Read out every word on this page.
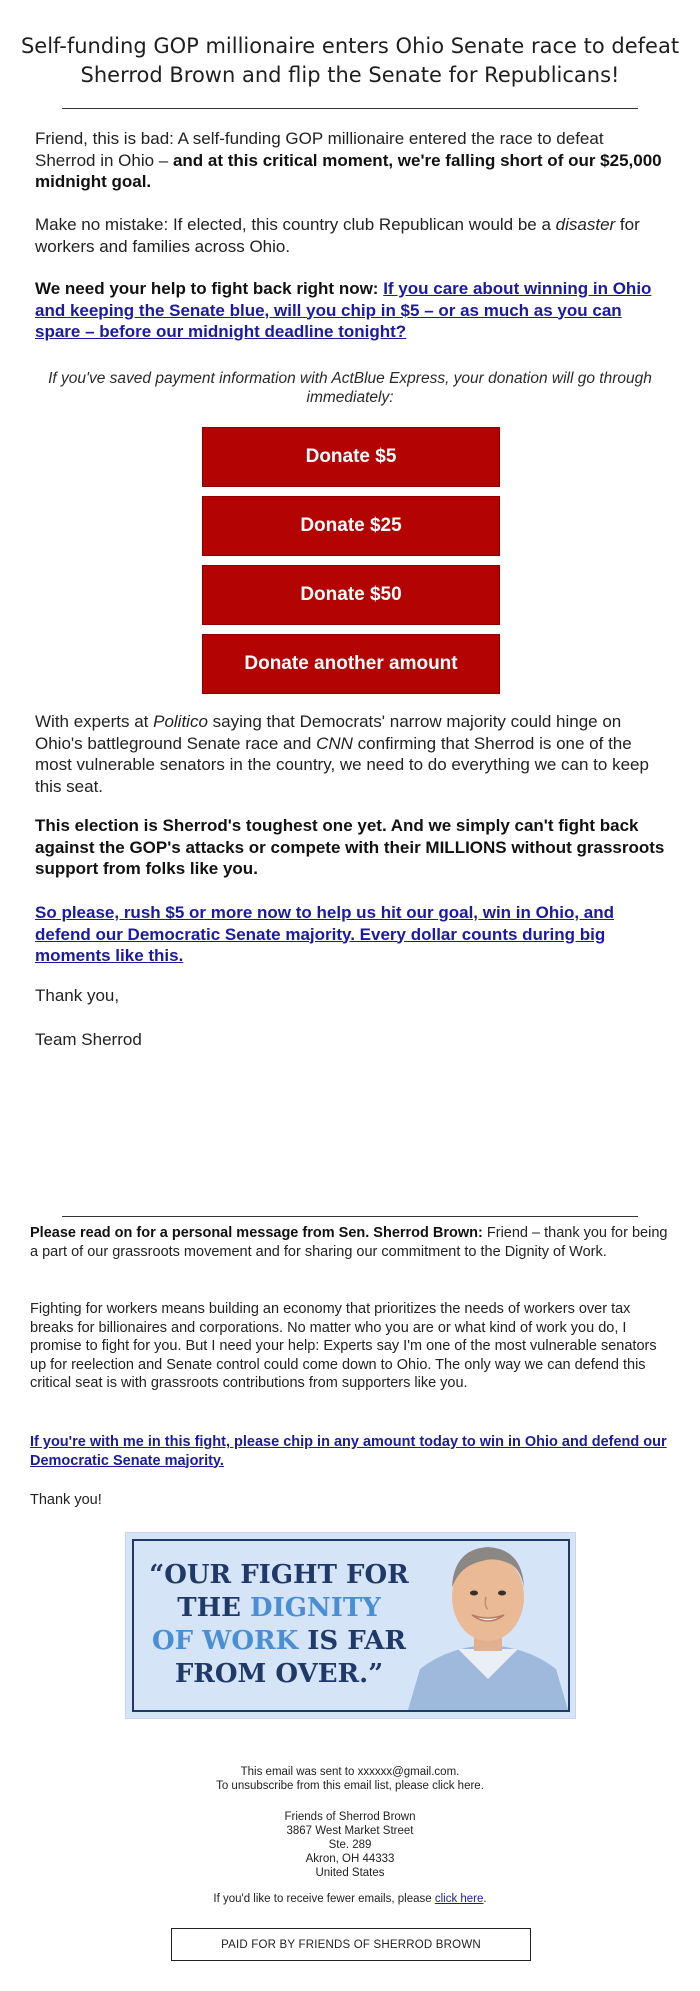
Self-funding GOP millionaire enters Ohio Senate race to defeat Sherrod Brown and flip the Senate for Republicans!

Friend, this is bad: A self-funding GOP millionaire entered the race to defeat Sherrod in Ohio – and at this critical moment, we're falling short of our $25,000 midnight goal.

Make no mistake: If elected, this country club Republican would be a disaster for workers and families across Ohio.

We need your help to fight back right now: If you care about winning in Ohio and keeping the Senate blue, will you chip in $5 – or as much as you can spare – before our midnight deadline tonight?

If you've saved payment information with ActBlue Express, your donation will go through immediately:

Donate $5
Donate $25
Donate $50
Donate another amount

With experts at Politico saying that Democrats' narrow majority could hinge on Ohio's battleground Senate race and CNN confirming that Sherrod is one of the most vulnerable senators in the country, we need to do everything we can to keep this seat.

This election is Sherrod's toughest one yet. And we simply can't fight back against the GOP's attacks or compete with their MILLIONS without grassroots support from folks like you.

So please, rush $5 or more now to help us hit our goal, win in Ohio, and defend our Democratic Senate majority. Every dollar counts during big moments like this.

Thank you,

Team Sherrod

Please read on for a personal message from Sen. Sherrod Brown: Friend – thank you for being a part of our grassroots movement and for sharing our commitment to the Dignity of Work.

Fighting for workers means building an economy that prioritizes the needs of workers over tax breaks for billionaires and corporations. No matter who you are or what kind of work you do, I promise to fight for you. But I need your help: Experts say I'm one of the most vulnerable senators up for reelection and Senate control could come down to Ohio. The only way we can defend this critical seat is with grassroots contributions from supporters like you.

If you're with me in this fight, please chip in any amount today to win in Ohio and defend our Democratic Senate majority.

Thank you!

“OUR FIGHT FOR
THE DIGNITY
OF WORK IS FAR
FROM OVER.”
This email was sent to xxxxxx@gmail.com.
To unsubscribe from this email list, please click here.
Friends of Sherrod Brown
3867 West Market Street
Ste. 289
Akron, OH 44333
United States
If you'd like to receive fewer emails, please click here.
PAID FOR BY FRIENDS OF SHERROD BROWN
